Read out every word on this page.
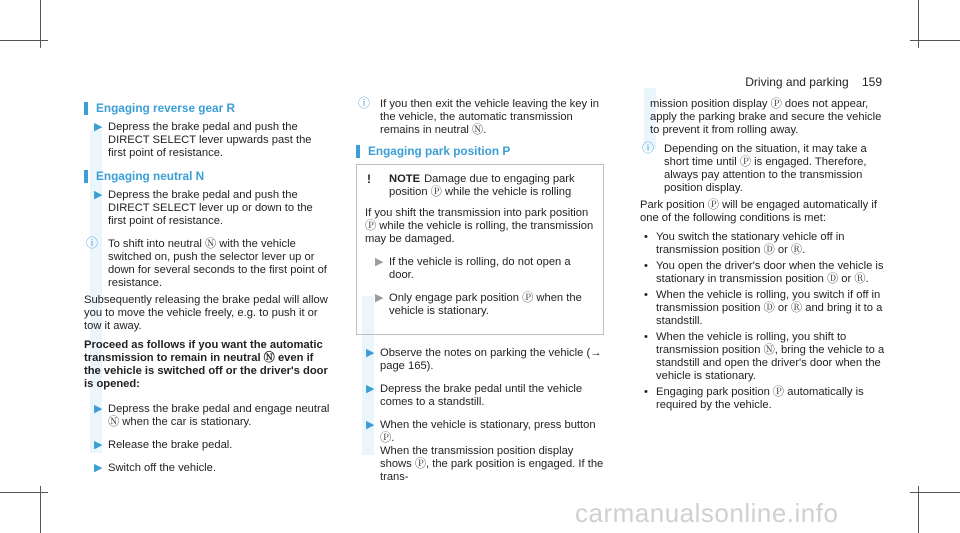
Driving and parking 159
Engaging reverse gear R
▶ Depress the brake pedal and push the DIRECT SELECT lever upwards past the first point of resistance.
Engaging neutral N
▶ Depress the brake pedal and push the DIRECT SELECT lever up or down to the first point of resistance.
ⓘ To shift into neutral Ⓝ with the vehicle switched on, push the selector lever up or down for several seconds to the first point of resistance.
Subsequently releasing the brake pedal will allow you to move the vehicle freely, e.g. to push it or tow it away.
Proceed as follows if you want the automatic transmission to remain in neutral Ⓝ even if the vehicle is switched off or the driver's door is opened:
▶ Depress the brake pedal and engage neutral Ⓝ when the car is stationary.
▶ Release the brake pedal.
▶ Switch off the vehicle.
ⓘ If you then exit the vehicle leaving the key in the vehicle, the automatic transmission remains in neutral Ⓝ.
Engaging park position P
! NOTE Damage due to engaging park position Ⓟ while the vehicle is rolling
If you shift the transmission into park position Ⓟ while the vehicle is rolling, the transmission may be damaged.
▶ If the vehicle is rolling, do not open a door.
▶ Only engage park position Ⓟ when the vehicle is stationary.
▶ Observe the notes on parking the vehicle (→ page 165).
▶ Depress the brake pedal until the vehicle comes to a standstill.
▶ When the vehicle is stationary, press button Ⓟ.
When the transmission position display shows Ⓟ, the park position is engaged. If the trans-
mission position display Ⓟ does not appear, apply the parking brake and secure the vehicle to prevent it from rolling away.
ⓘ Depending on the situation, it may take a short time until Ⓟ is engaged. Therefore, always pay attention to the transmission position display.
Park position Ⓟ will be engaged automatically if one of the following conditions is met:
• You switch the stationary vehicle off in transmission position Ⓓ or Ⓡ.
• You open the driver's door when the vehicle is stationary in transmission position Ⓓ or Ⓡ.
• When the vehicle is rolling, you switch if off in transmission position Ⓓ or Ⓡ and bring it to a standstill.
• When the vehicle is rolling, you shift to transmission position Ⓝ, bring the vehicle to a standstill and open the driver's door when the vehicle is stationary.
• Engaging park position Ⓟ automatically is required by the vehicle.
carmanualsonline.info
